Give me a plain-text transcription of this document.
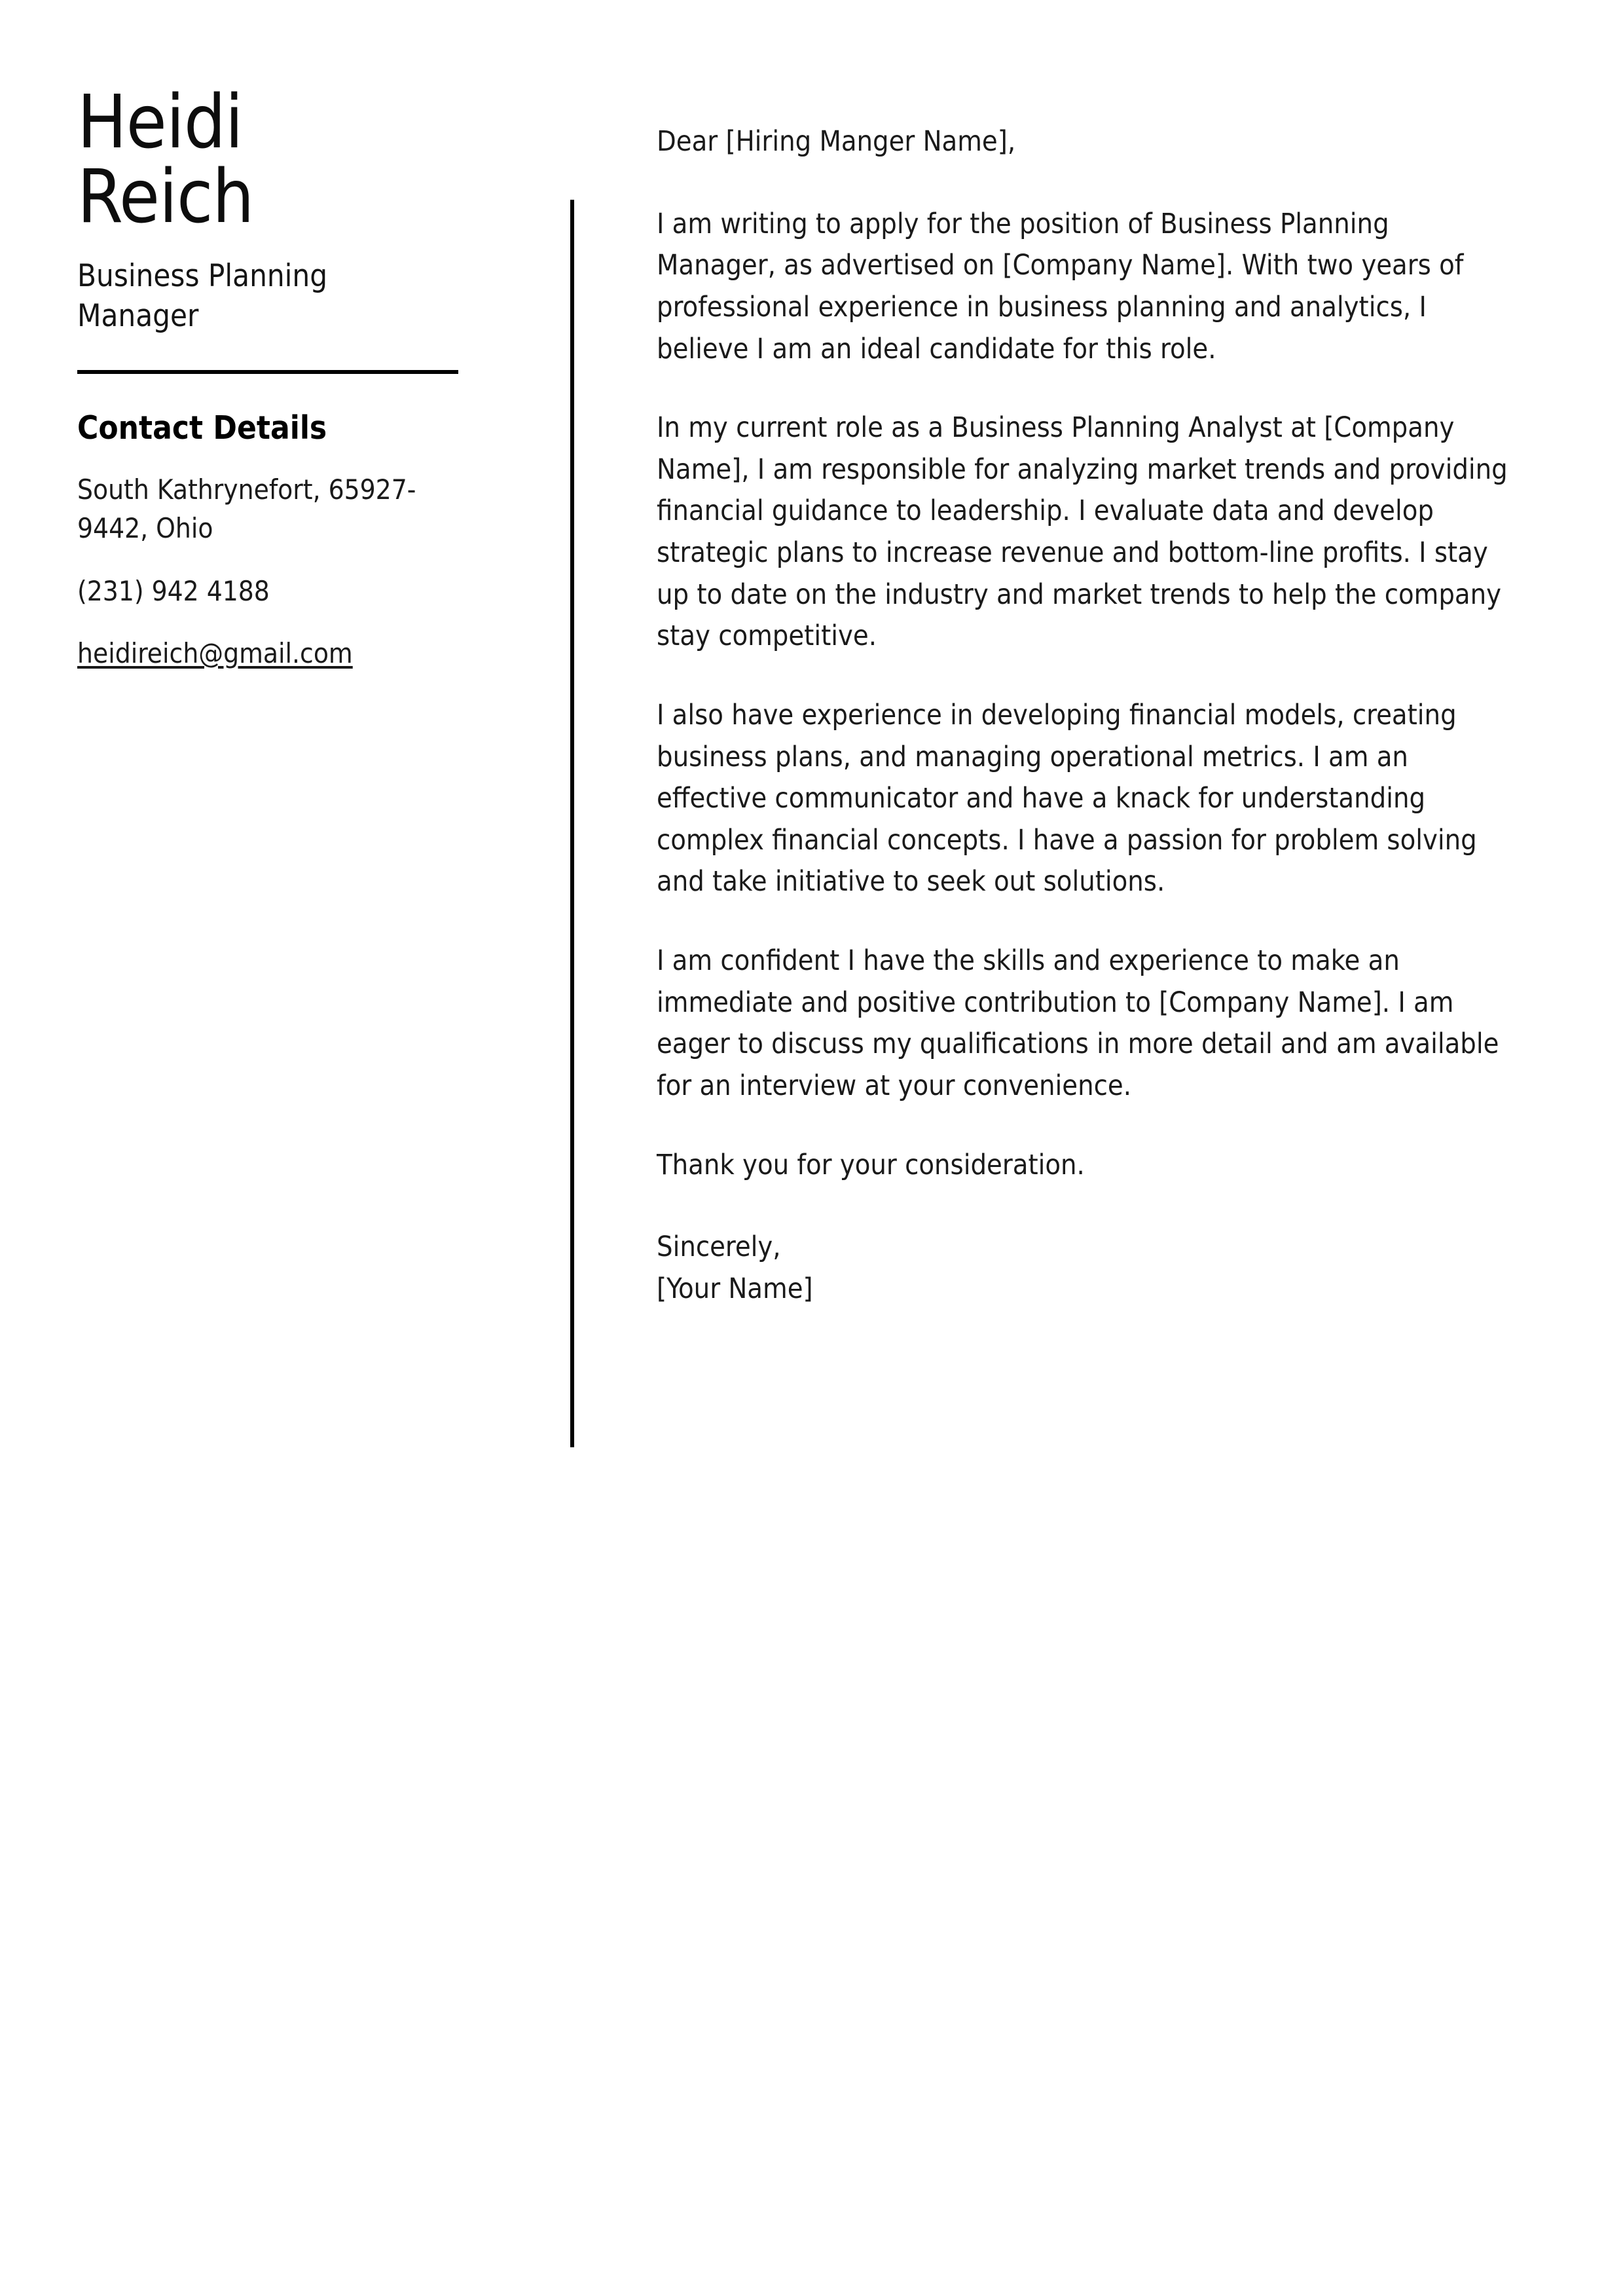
Heidi
Reich
Business Planning Manager
Contact Details
South Kathrynefort, 65927-9442, Ohio
(231) 942 4188
heidireich@gmail.com

Dear [Hiring Manger Name],

I am writing to apply for the position of Business Planning Manager, as advertised on [Company Name]. With two years of professional experience in business planning and analytics, I believe I am an ideal candidate for this role.

In my current role as a Business Planning Analyst at [Company Name], I am responsible for analyzing market trends and providing financial guidance to leadership. I evaluate data and develop strategic plans to increase revenue and bottom-line profits. I stay up to date on the industry and market trends to help the company stay competitive.

I also have experience in developing financial models, creating business plans, and managing operational metrics. I am an effective communicator and have a knack for understanding complex financial concepts. I have a passion for problem solving and take initiative to seek out solutions.

I am confident I have the skills and experience to make an immediate and positive contribution to [Company Name]. I am eager to discuss my qualifications in more detail and am available for an interview at your convenience.

Thank you for your consideration.

Sincerely,
[Your Name]
